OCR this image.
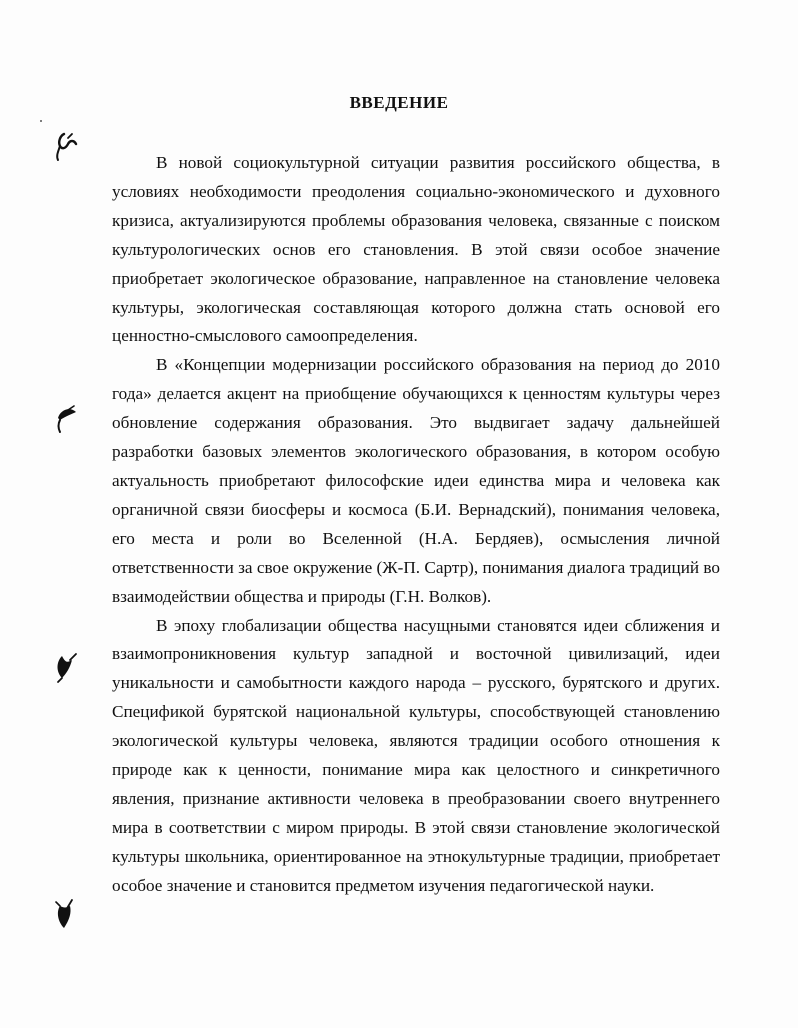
ВВЕДЕНИЕ

В новой социокультурной ситуации развития российского общества, в условиях необходимости преодоления социально-экономического и духовного кризиса, актуализируются проблемы образования человека, связанные с поиском культурологических основ его становления. В этой связи особое значение приобретает экологическое образование, направленное на становление человека культуры, экологическая составляющая которого должна стать основой его ценностно-смыслового самоопределения.

В «Концепции модернизации российского образования на период до 2010 года» делается акцент на приобщение обучающихся к ценностям культуры через обновление содержания образования. Это выдвигает задачу дальнейшей разработки базовых элементов экологического образования, в котором особую актуальность приобретают философские идеи единства мира и человека как органичной связи биосферы и космоса (Б.И. Вернадский), понимания человека, его места и роли во Вселенной (Н.А. Бердяев), осмысления личной ответственности за свое окружение (Ж-П. Сартр), понимания диалога традиций во взаимодействии общества и природы (Г.Н. Волков).

В эпоху глобализации общества насущными становятся идеи сближения и взаимопроникновения культур западной и восточной цивилизаций, идеи уникальности и самобытности каждого народа – русского, бурятского и других. Спецификой бурятской национальной культуры, способствующей становлению экологической культуры человека, являются традиции особого отношения к природе как к ценности, понимание мира как целостного и синкретичного явления, признание активности человека в преобразовании своего внутреннего мира в соответствии с миром природы. В этой связи становление экологической культуры школьника, ориентированное на этнокультурные традиции, приобретает особое значение и становится предметом изучения педагогической науки.
